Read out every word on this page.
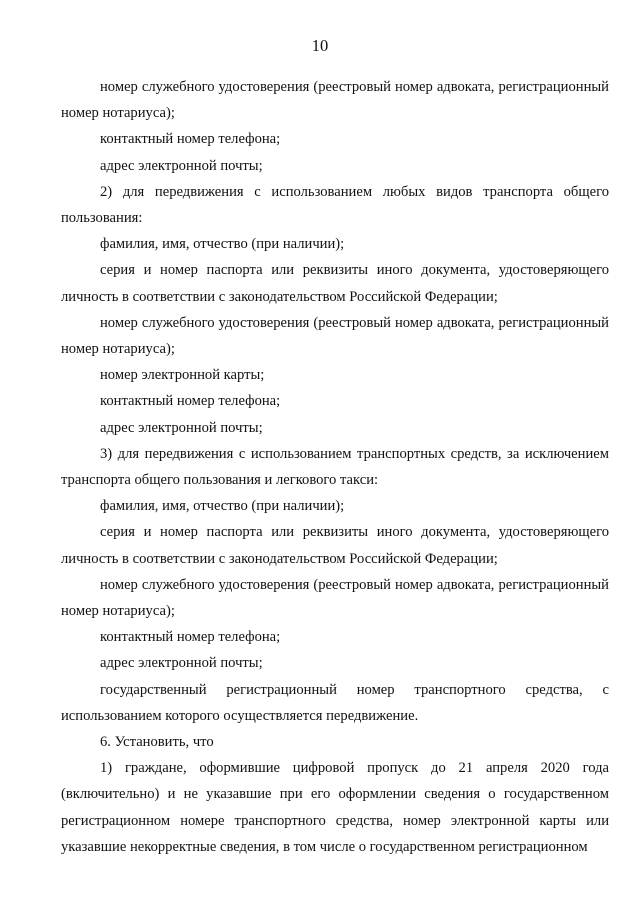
10

номер служебного удостоверения (реестровый номер адвоката, регистрационный номер нотариуса);

контактный номер телефона;

адрес электронной почты;

2) для передвижения с использованием любых видов транспорта общего пользования:

фамилия, имя, отчество (при наличии);

серия и номер паспорта или реквизиты иного документа, удостоверяющего личность в соответствии с законодательством Российской Федерации;

номер служебного удостоверения (реестровый номер адвоката, регистрационный номер нотариуса);

номер электронной карты;

контактный номер телефона;

адрес электронной почты;

3) для передвижения с использованием транспортных средств, за исключением транспорта общего пользования и легкового такси:

фамилия, имя, отчество (при наличии);

серия и номер паспорта или реквизиты иного документа, удостоверяющего личность в соответствии с законодательством Российской Федерации;

номер служебного удостоверения (реестровый номер адвоката, регистрационный номер нотариуса);

контактный номер телефона;

адрес электронной почты;

государственный регистрационный номер транспортного средства, с использованием которого осуществляется передвижение.

6. Установить, что

1) граждане, оформившие цифровой пропуск до 21 апреля 2020 года (включительно) и не указавшие при его оформлении сведения о государственном регистрационном номере транспортного средства, номер электронной карты или указавшие некорректные сведения, в том числе о государственном регистрационном
